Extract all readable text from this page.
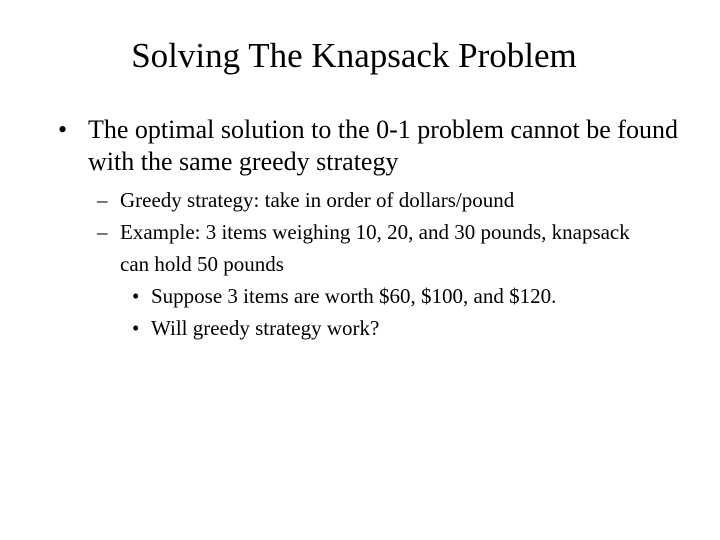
Solving The Knapsack Problem
• The optimal solution to the 0-1 problem cannot be found with the same greedy strategy
– Greedy strategy: take in order of dollars/pound
– Example: 3 items weighing 10, 20, and 30 pounds, knapsack can hold 50 pounds
• Suppose 3 items are worth $60, $100, and $120.
• Will greedy strategy work?
